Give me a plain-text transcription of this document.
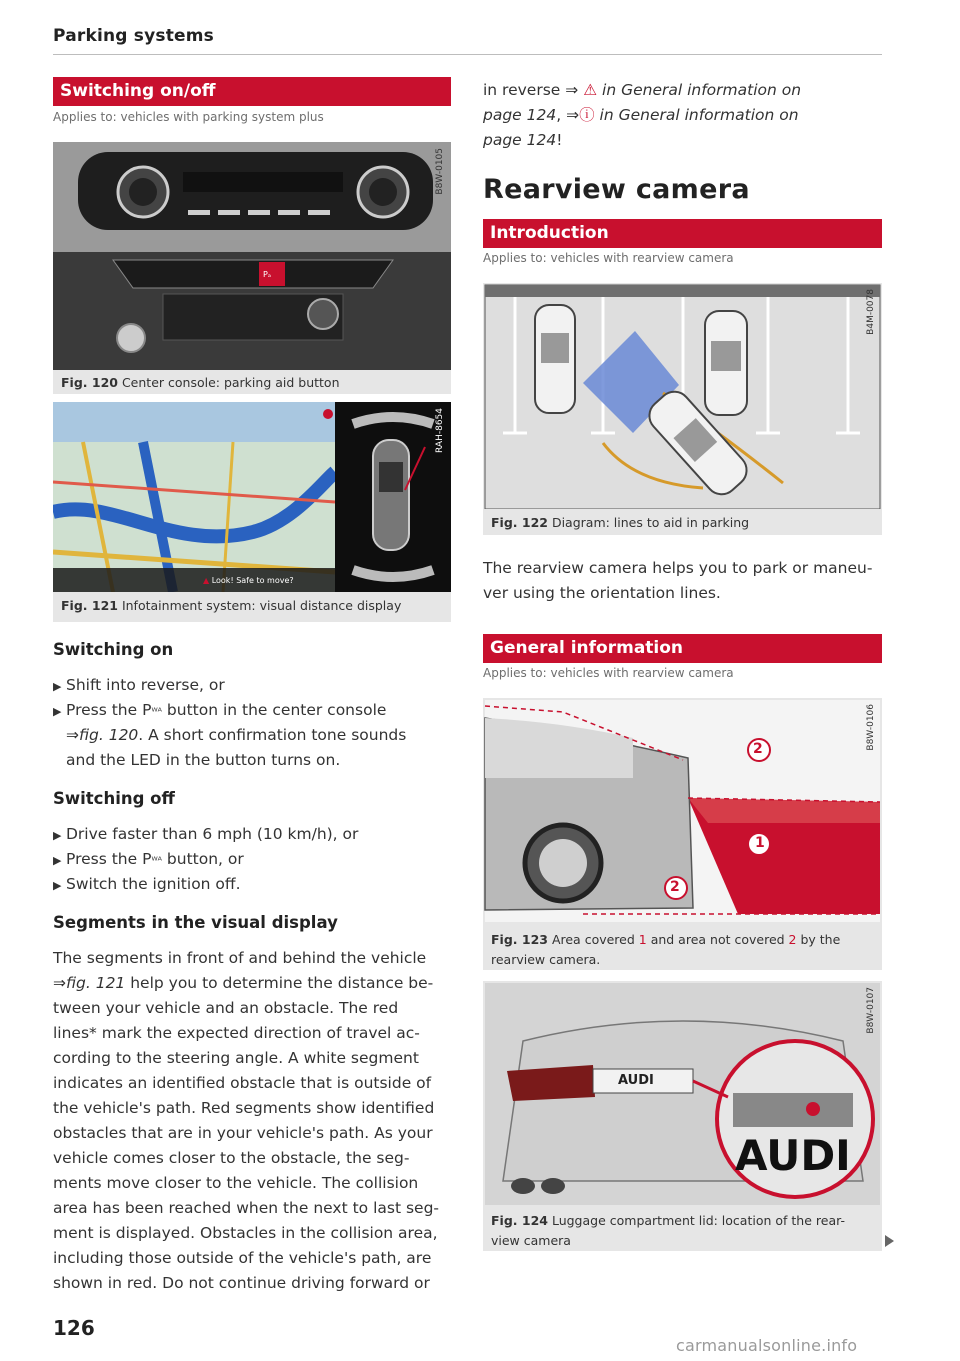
Parking systems
Switching on/off
Applies to: vehicles with parking system plus
B8W-0105
Pₐ
Fig. 120 Center console: parking aid button
RAH-8654
▲ Look! Safe to move?
Fig. 121 Infotainment system: visual distance display
Switching on
▶ Shift into reverse, or
▶ Press the Pᵂᴬ button in the center console
⇒fig. 120. A short confirmation tone sounds
and the LED in the button turns on.
Switching off
▶ Drive faster than 6 mph (10 km/h), or
▶ Press the Pᵂᴬ button, or
▶ Switch the ignition off.
Segments in the visual display
The segments in front of and behind the vehicle
⇒fig. 121 help you to determine the distance be-
tween your vehicle and an obstacle. The red
lines* mark the expected direction of travel ac-
cording to the steering angle. A white segment
indicates an identified obstacle that is outside of
the vehicle's path. Red segments show identified
obstacles that are in your vehicle's path. As your
vehicle comes closer to the obstacle, the seg-
ments move closer to the vehicle. The collision
area has been reached when the next to last seg-
ment is displayed. Obstacles in the collision area,
including those outside of the vehicle's path, are
shown in red. Do not continue driving forward or
in reverse ⇒ ⚠ in General information on
page 124, ⇒ⓘ in General information on
page 124!
Rearview camera
Introduction
Applies to: vehicles with rearview camera
B4M-0078
Fig. 122 Diagram: lines to aid in parking
The rearview camera helps you to park or maneu-
ver using the orientation lines.
General information
Applies to: vehicles with rearview camera
2
1
2
B8W-0106
Fig. 123 Area covered 1 and area not covered 2 by the
rearview camera.
AUDI
AUDI
B8W-0107
Fig. 124 Luggage compartment lid: location of the rear-
view camera
126
carmanualsonline.info
